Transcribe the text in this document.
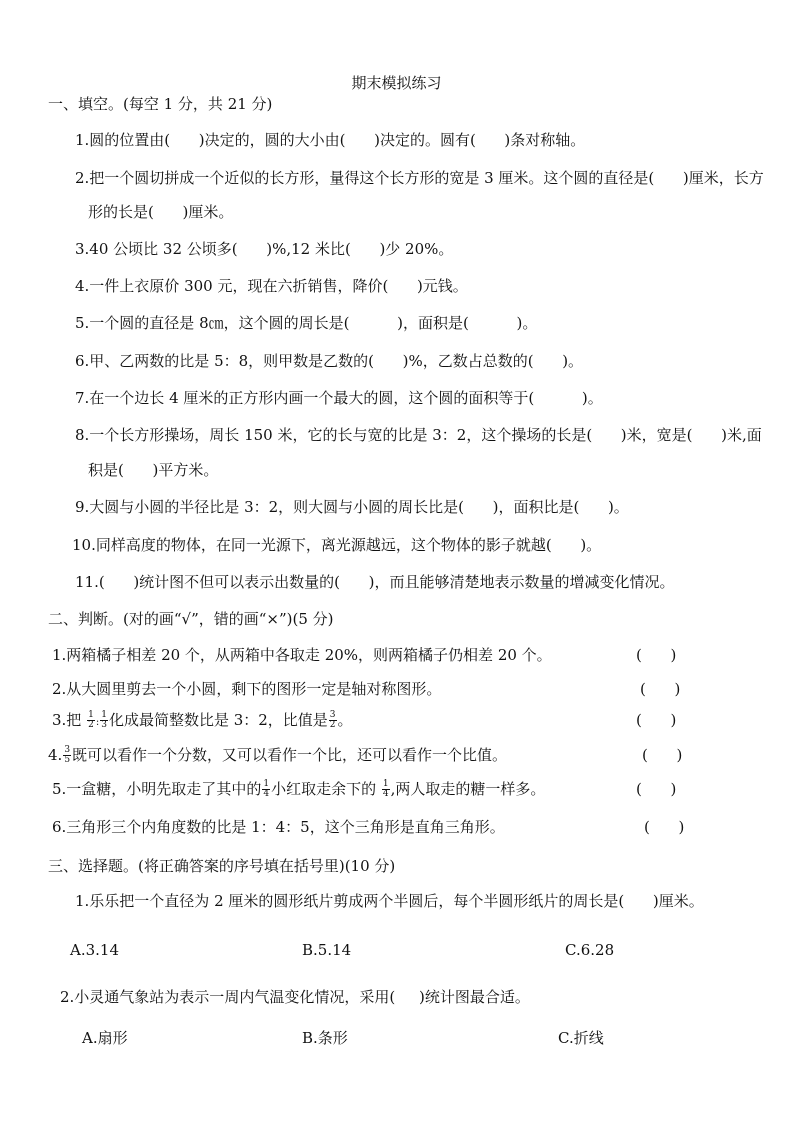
期末模拟练习
一、填空。(每空 1 分，共 21 分)
1.圆的位置由(      )决定的，圆的大小由(      )决定的。圆有(      )条对称轴。
2.把一个圆切拼成一个近似的长方形，量得这个长方形的宽是 3 厘米。这个圆的直径是(      )厘米，长方
形的长是(      )厘米。
3.40 公顷比 32 公顷多(      )%,12 米比(      )少 20%。
4.一件上衣原价 300 元，现在六折销售，降价(      )元钱。
5.一个圆的直径是 8㎝，这个圆的周长是(          )，面积是(          )。
6.甲、乙两数的比是 5：8，则甲数是乙数的(      )%，乙数占总数的(      )。
7.在一个边长 4 厘米的正方形内画一个最大的圆，这个圆的面积等于(          )。
8.一个长方形操场，周长 150 米，它的长与宽的比是 3：2，这个操场的长是(      )米，宽是(      )米,面
积是(      )平方米。
9.大圆与小圆的半径比是 3：2，则大圆与小圆的周长比是(      )，面积比是(      )。
10.同样高度的物体，在同一光源下，离光源越远，这个物体的影子就越(      )。
11.(      )统计图不但可以表示出数量的(      )，而且能够清楚地表示数量的增减变化情况。
二、判断。(对的画“√”，错的画“×”)(5 分)
1.两箱橘子相差 20 个，从两箱中各取走 20%，则两箱橘子仍相差 20 个。	(      )
2.从大圆里剪去一个小圆，剩下的图形一定是轴对称图形。	(      )
3.把 $\frac{1}{2}$ : $\frac{1}{3}$ 化成最简整数比是 3：2，比值是 $\frac{3}{2}$ 。	(      )
4. $\frac{3}{5}$ 既可以看作一个分数，又可以看作一个比，还可以看作一个比值。	(      )
5.一盒糖，小明先取走了其中的 $\frac{1}{4}$ 小红取走余下的 $\frac{1}{4}$ ,两人取走的糖一样多。	(      )
6.三角形三个内角度数的比是 1：4：5，这个三角形是直角三角形。	(      )
三、选择题。(将正确答案的序号填在括号里)(10 分)
1.乐乐把一个直径为 2 厘米的圆形纸片剪成两个半圆后，每个半圆形纸片的周长是(      )厘米。
A.3.14	B.5.14	C.6.28
2.小灵通气象站为表示一周内气温变化情况，采用(     )统计图最合适。
A.扇形	B.条形	C.折线
